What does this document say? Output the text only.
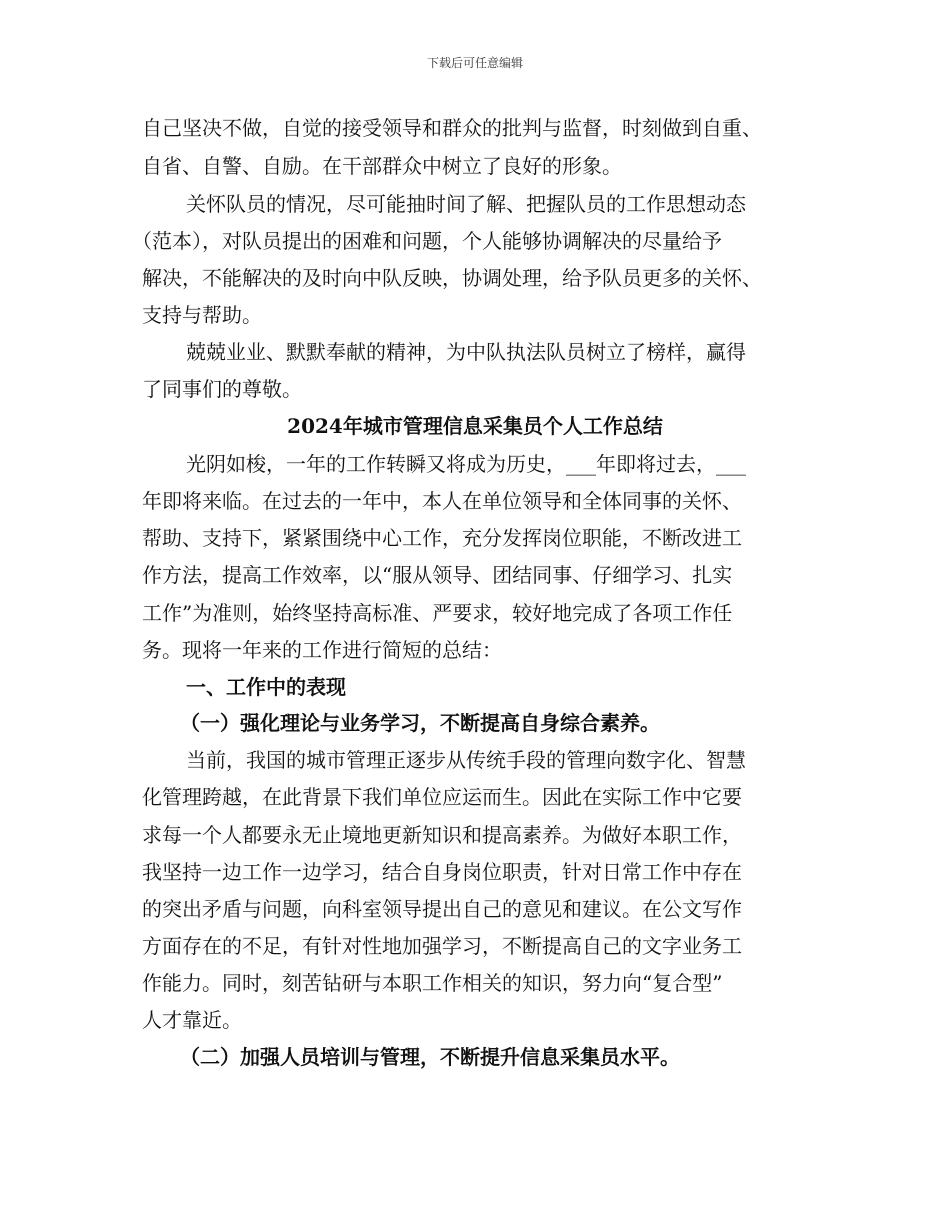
下载后可任意编辑
自己坚决不做，自觉的接受领导和群众的批判与监督，时刻做到自重、
自省、自警、自励。在干部群众中树立了良好的形象。
关怀队员的情况，尽可能抽时间了解、把握队员的工作思想动态
（范本），对队员提出的困难和问题，个人能够协调解决的尽量给予
解决，不能解决的及时向中队反映，协调处理，给予队员更多的关怀、
支持与帮助。
兢兢业业、默默奉献的精神，为中队执法队员树立了榜样，赢得
了同事们的尊敬。
2024年城市管理信息采集员个人工作总结
光阴如梭，一年的工作转瞬又将成为历史，___年即将过去，___
年即将来临。在过去的一年中，本人在单位领导和全体同事的关怀、
帮助、支持下，紧紧围绕中心工作，充分发挥岗位职能，不断改进工
作方法，提高工作效率，以“服从领导、团结同事、仔细学习、扎实
工作”为准则，始终坚持高标准、严要求，较好地完成了各项工作任
务。现将一年来的工作进行简短的总结：
一、工作中的表现
（一）强化理论与业务学习，不断提高自身综合素养。
当前，我国的城市管理正逐步从传统手段的管理向数字化、智慧
化管理跨越，在此背景下我们单位应运而生。因此在实际工作中它要
求每一个人都要永无止境地更新知识和提高素养。为做好本职工作，
我坚持一边工作一边学习，结合自身岗位职责，针对日常工作中存在
的突出矛盾与问题，向科室领导提出自己的意见和建议。在公文写作
方面存在的不足，有针对性地加强学习，不断提高自己的文字业务工
作能力。同时，刻苦钻研与本职工作相关的知识，努力向“复合型”
人才靠近。
（二）加强人员培训与管理，不断提升信息采集员水平。
